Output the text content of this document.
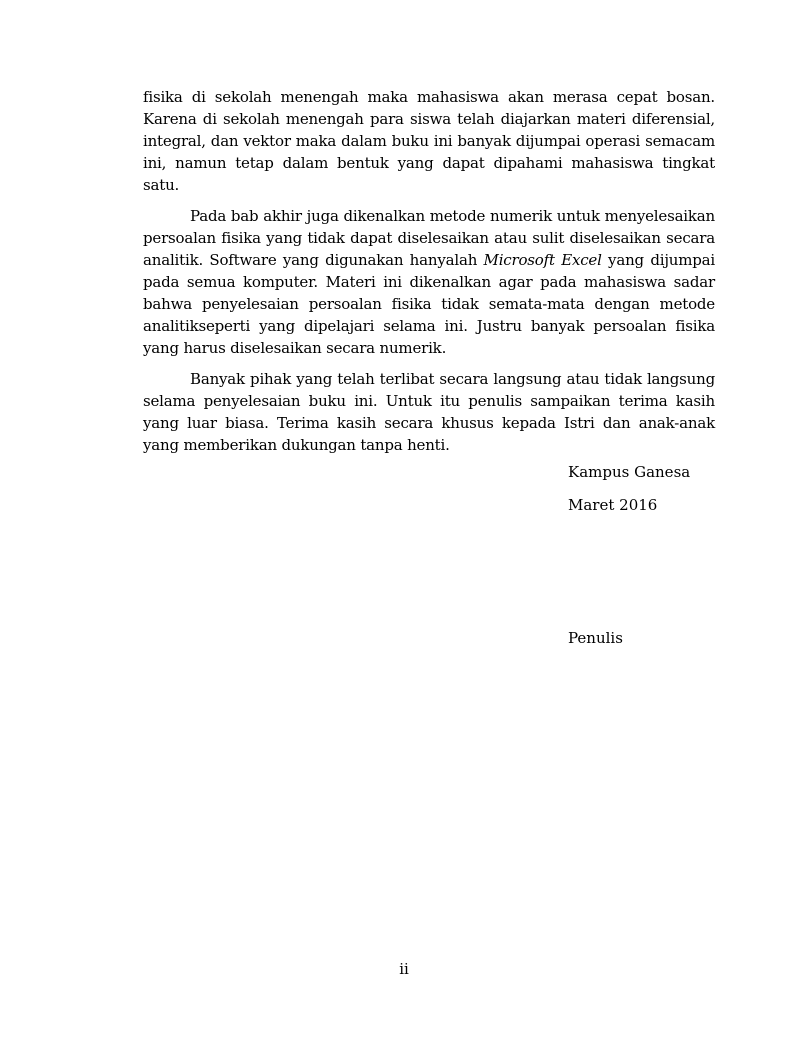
fisika di sekolah menengah maka mahasiswa akan merasa cepat bosan. Karena di sekolah menengah para siswa telah diajarkan materi diferensial, integral, dan vektor maka dalam buku ini banyak dijumpai operasi semacam ini, namun tetap dalam bentuk yang dapat dipahami mahasiswa tingkat satu.

Pada bab akhir juga dikenalkan metode numerik untuk menyelesaikan persoalan fisika yang tidak dapat diselesaikan atau sulit diselesaikan secara analitik. Software yang digunakan hanyalah Microsoft Excel yang dijumpai pada semua komputer. Materi ini dikenalkan agar pada mahasiswa sadar bahwa penyelesaian persoalan fisika tidak semata-mata dengan metode analitikseperti yang dipelajari selama ini. Justru banyak persoalan fisika yang harus diselesaikan secara numerik.

Banyak pihak yang telah terlibat secara langsung atau tidak langsung selama penyelesaian buku ini. Untuk itu penulis sampaikan terima kasih yang luar biasa. Terima kasih secara khusus kepada Istri dan anak-anak yang memberikan dukungan tanpa henti.

Kampus Ganesa
Maret 2016
Penulis
ii
